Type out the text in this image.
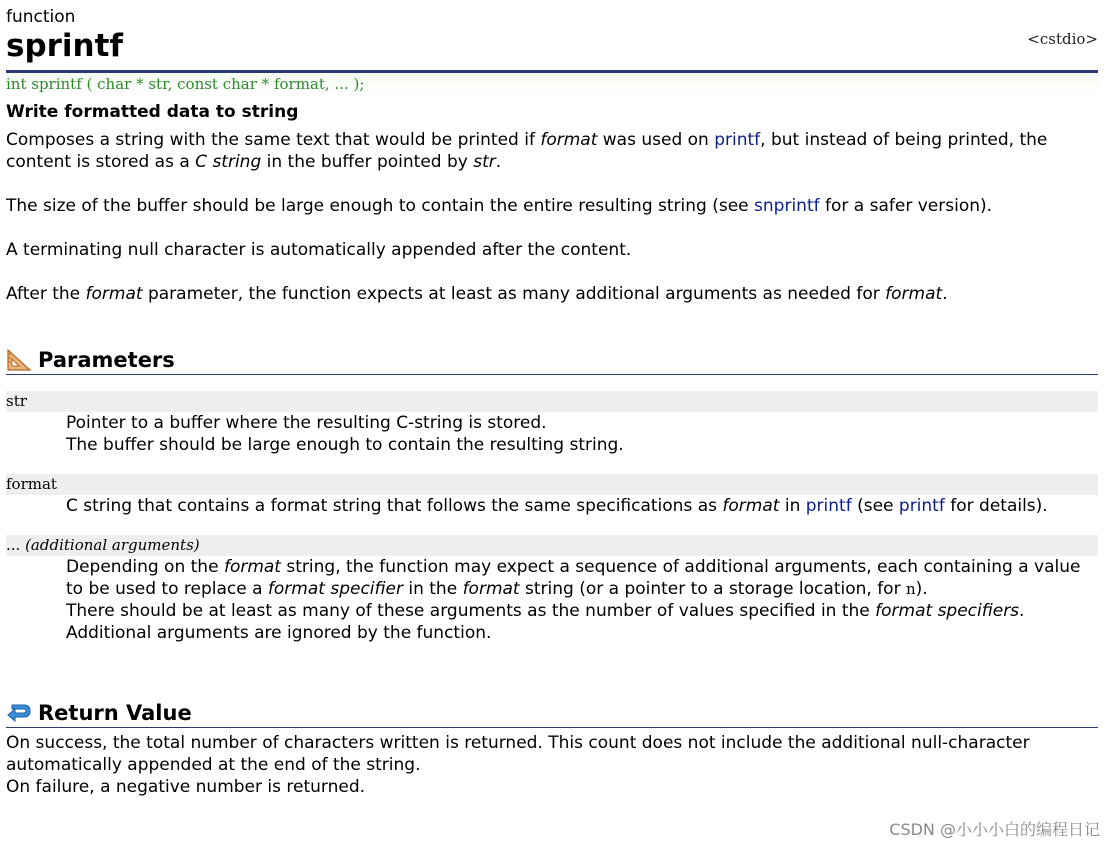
function
sprintf	<cstdio>
int sprintf ( char * str, const char * format, ... );
Write formatted data to string

Composes a string with the same text that would be printed if format was used on printf, but instead of being printed, the content is stored as a C string in the buffer pointed by str.

The size of the buffer should be large enough to contain the entire resulting string (see snprintf for a safer version).

A terminating null character is automatically appended after the content.

After the format parameter, the function expects at least as many additional arguments as needed for format.

Parameters
str

Pointer to a buffer where the resulting C-string is stored.

The buffer should be large enough to contain the resulting string.

format

C string that contains a format string that follows the same specifications as format in printf (see printf for details).

... (additional arguments)

Depending on the format string, the function may expect a sequence of additional arguments, each containing a value to be used to replace a format specifier in the format string (or a pointer to a storage location, for n).

There should be at least as many of these arguments as the number of values specified in the format specifiers.

Additional arguments are ignored by the function.

Return Value

On success, the total number of characters written is returned. This count does not include the additional null-character automatically appended at the end of the string.

On failure, a negative number is returned.

CSDN @小小小白的编程日记
